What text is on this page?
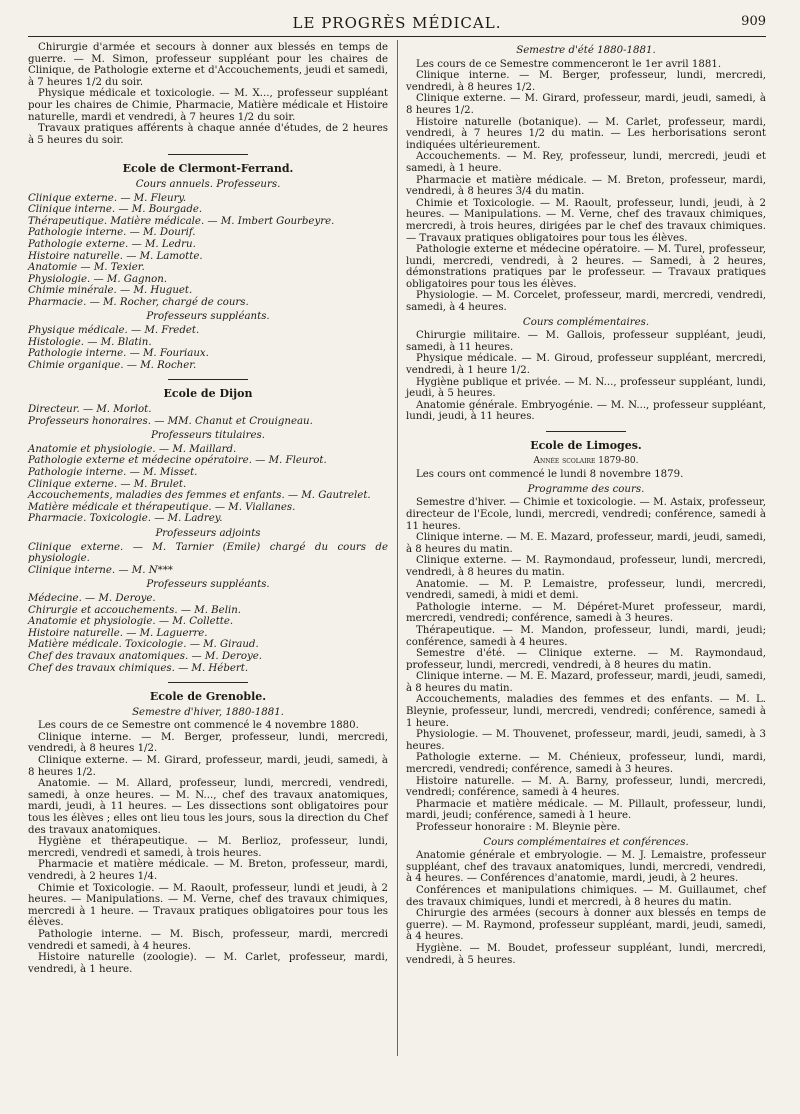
LE PROGRÈS MÉDICAL.	909

Chirurgie d'armée et secours à donner aux blessés en temps de guerre. — M. Simon, professeur suppléant pour les chaires de Clinique, de Pathologie externe et d'Accouchements, jeudi et samedi, à 7 heures 1/2 du soir.

Physique médicale et toxicologie. — M. X..., professeur suppléant pour les chaires de Chimie, Pharmacie, Matière médicale et Histoire naturelle, mardi et vendredi, à 7 heures 1/2 du soir.

Travaux pratiques afférents à chaque année d'études, de 2 heures à 5 heures du soir.

Ecole de Clermont-Ferrand.
Cours annuels. Professeurs.

Clinique externe. — M. Fleury.

Clinique interne. — M. Bourgade.

Thérapeutique. Matière médicale. — M. Imbert Gourbeyre.

Pathologie interne. — M. Dourif.

Pathologie externe. — M. Ledru.

Histoire naturelle. — M. Lamotte.

Anatomie — M. Texier.

Physiologie. — M. Gagnon.

Chimie minérale. — M. Huguet.

Pharmacie. — M. Rocher, chargé de cours.

Professeurs suppléants.

Physique médicale. — M. Fredet.

Histologie. — M. Blatin.

Pathologie interne. — M. Fouriaux.

Chimie organique. — M. Rocher.

Ecole de Dijon

Directeur. — M. Morlot.

Professeurs honoraires. — MM. Chanut et Crouigneau.

Professeurs titulaires.

Anatomie et physiologie. — M. Maillard.

Pathologie externe et médecine opératoire. — M. Fleurot.

Pathologie interne. — M. Misset.

Clinique externe. — M. Brulet.

Accouchements, maladies des femmes et enfants. — M. Gautrelet.

Matière médicale et thérapeutique. — M. Viallanes.

Pharmacie. Toxicologie. — M. Ladrey.

Professeurs adjoints

Clinique externe. — M. Tarnier (Emile) chargé du cours de physiologie.

Clinique interne. — M. N***

Professeurs suppléants.

Médecine. — M. Deroye.

Chirurgie et accouchements. — M. Belin.

Anatomie et physiologie. — M. Collette.

Histoire naturelle. — M. Laguerre.

Matière médicale. Toxicologie. — M. Giraud.

Chef des travaux anatomiques. — M. Deroye.

Chef des travaux chimiques. — M. Hébert.

Ecole de Grenoble.
Semestre d'hiver, 1880-1881.

Les cours de ce Semestre ont commencé le 4 novembre 1880.

Clinique interne. — M. Berger, professeur, lundi, mercredi, vendredi, à 8 heures 1/2.

Clinique externe. — M. Girard, professeur, mardi, jeudi, samedi, à 8 heures 1/2.

Anatomie. — M. Allard, professeur, lundi, mercredi, vendredi, samedi, à onze heures. — M. N..., chef des travaux anatomiques, mardi, jeudi, à 11 heures. — Les dissections sont obligatoires pour tous les élèves ; elles ont lieu tous les jours, sous la direction du Chef des travaux anatomiques.

Hygiène et thérapeutique. — M. Berlioz, professeur, lundi, mercredi, vendredi et samedi, à trois heures.

Pharmacie et matière médicale. — M. Breton, professeur, mardi, vendredi, à 2 heures 1/4.

Chimie et Toxicologie. — M. Raoult, professeur, lundi et jeudi, à 2 heures. — Manipulations. — M. Verne, chef des travaux chimiques, mercredi à 1 heure. — Travaux pratiques obligatoires pour tous les élèves.

Pathologie interne. — M. Bisch, professeur, mardi, mercredi vendredi et samedi, à 4 heures.

Histoire naturelle (zoologie). — M. Carlet, professeur, mardi, vendredi, à 1 heure.

Semestre d'été 1880-1881.

Les cours de ce Semestre commenceront le 1er avril 1881.

Clinique interne. — M. Berger, professeur, lundi, mercredi, vendredi, à 8 heures 1/2.

Clinique externe. — M. Girard, professeur, mardi, jeudi, samedi, à 8 heures 1/2.

Histoire naturelle (botanique). — M. Carlet, professeur, mardi, vendredi, à 7 heures 1/2 du matin. — Les herborisations seront indiquées ultérieurement.

Accouchements. — M. Rey, professeur, lundi, mercredi, jeudi et samedi, à 1 heure.

Pharmacie et matière médicale. — M. Breton, professeur, mardi, vendredi, à 8 heures 3/4 du matin.

Chimie et Toxicologie. — M. Raoult, professeur, lundi, jeudi, à 2 heures. — Manipulations. — M. Verne, chef des travaux chimiques, mercredi, à trois heures, dirigées par le chef des travaux chimiques. — Travaux pratiques obligatoires pour tous les élèves.

Pathologie externe et médecine opératoire. — M. Turel, professeur, lundi, mercredi, vendredi, à 2 heures. — Samedi, à 2 heures, démonstrations pratiques par le professeur. — Travaux pratiques obligatoires pour tous les élèves.

Physiologie. — M. Corcelet, professeur, mardi, mercredi, vendredi, samedi, à 4 heures.

Cours complémentaires.

Chirurgie militaire. — M. Gallois, professeur suppléant, jeudi, samedi, à 11 heures.

Physique médicale. — M. Giroud, professeur suppléant, mercredi, vendredi, à 1 heure 1/2.

Hygiène publique et privée. — M. N..., professeur suppléant, lundi, jeudi, à 5 heures.

Anatomie générale. Embryogénie. — M. N..., professeur suppléant, lundi, jeudi, à 11 heures.

Ecole de Limoges.
Année scolaire 1879-80.

Les cours ont commencé le lundi 8 novembre 1879.

Programme des cours.

Semestre d'hiver. — Chimie et toxicologie. — M. Astaix, professeur, directeur de l'Ecole, lundi, mercredi, vendredi; conférence, samedi à 11 heures.

Clinique interne. — M. E. Mazard, professeur, mardi, jeudi, samedi, à 8 heures du matin.

Clinique externe. — M. Raymondaud, professeur, lundi, mercredi, vendredi, à 8 heures du matin.

Anatomie. — M. P. Lemaistre, professeur, lundi, mercredi, vendredi, samedi, à midi et demi.

Pathologie interne. — M. Dépéret-Muret professeur, mardi, mercredi, vendredi; conférence, samedi à 3 heures.

Thérapeutique. — M. Mandon, professeur, lundi, mardi, jeudi; conférence, samedi à 4 heures.

Semestre d'été. — Clinique externe. — M. Raymondaud, professeur, lundi, mercredi, vendredi, à 8 heures du matin.

Clinique interne. — M. E. Mazard, professeur, mardi, jeudi, samedi, à 8 heures du matin.

Accouchements, maladies des femmes et des enfants. — M. L. Bleynie, professeur, lundi, mercredi, vendredi; conférence, samedi à 1 heure.

Physiologie. — M. Thouvenet, professeur, mardi, jeudi, samedi, à 3 heures.

Pathologie externe. — M. Chénieux, professeur, lundi, mardi, mercredi, vendredi; conférence, samedi à 3 heures.

Histoire naturelle. — M. A. Barny, professeur, lundi, mercredi, vendredi; conférence, samedi à 4 heures.

Pharmacie et matière médicale. — M. Pillault, professeur, lundi, mardi, jeudi; conférence, samedi à 1 heure.

Professeur honoraire : M. Bleynie père.

Cours complémentaires et conférences.

Anatomie générale et embryologie. — M. J. Lemaistre, professeur suppléant, chef des travaux anatomiques, lundi, mercredi, vendredi, à 4 heures. — Conférences d'anatomie, mardi, jeudi, à 2 heures.

Conférences et manipulations chimiques. — M. Guillaumet, chef des travaux chimiques, lundi et mercredi, à 8 heures du matin.

Chirurgie des armées (secours à donner aux blessés en temps de guerre). — M. Raymond, professeur suppléant, mardi, jeudi, samedi, à 4 heures.

Hygiène. — M. Boudet, professeur suppléant, lundi, mercredi, vendredi, à 5 heures.
